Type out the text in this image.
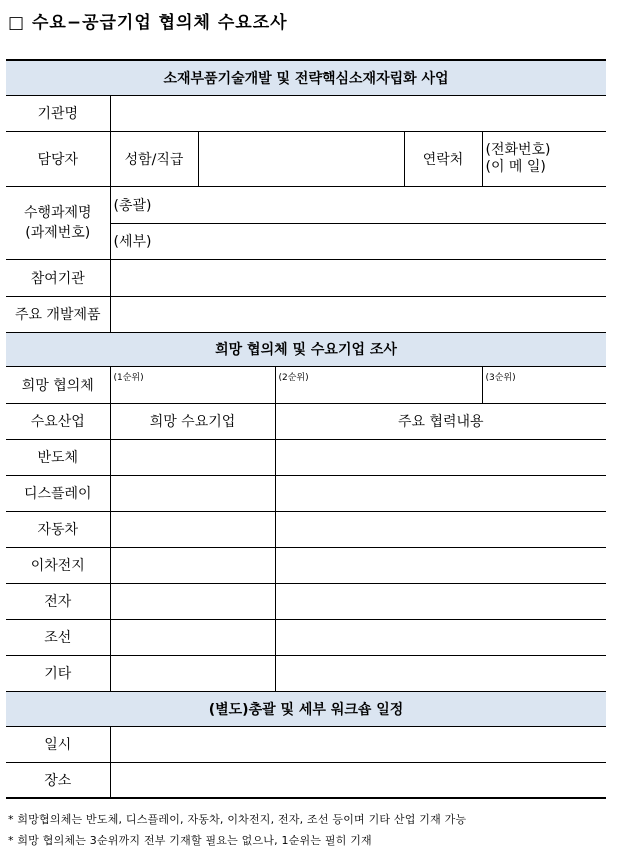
□ 수요−공급기업 협의체 수요조사
소재부품기술개발 및 전략핵심소재자립화 사업					
기관명					
담당자	성함/직급			연락처	(전화번호)
(이 메 일)

수행과제명
(과제번호)	(총괄)				
	(세부)				
참여기관					
주요 개발제품					
희망 협의체 및 수요기업 조사					
희망 협의체	(1순위)		(2순위)		(3순위)
수요산업	희망 수요기업		주요 협력내용		
반도체					
디스플레이					
자동차					
이차전지					
전자					
조선					
기타					
(별도)총괄 및 세부 워크숍 일정					
일시					
장소					
* 희망협의체는 반도체, 디스플레이, 자동차, 이차전지, 전자, 조선 등이며 기타 산업 기재 가능
* 희망 협의체는 3순위까지 전부 기재할 필요는 없으나, 1순위는 필히 기재
